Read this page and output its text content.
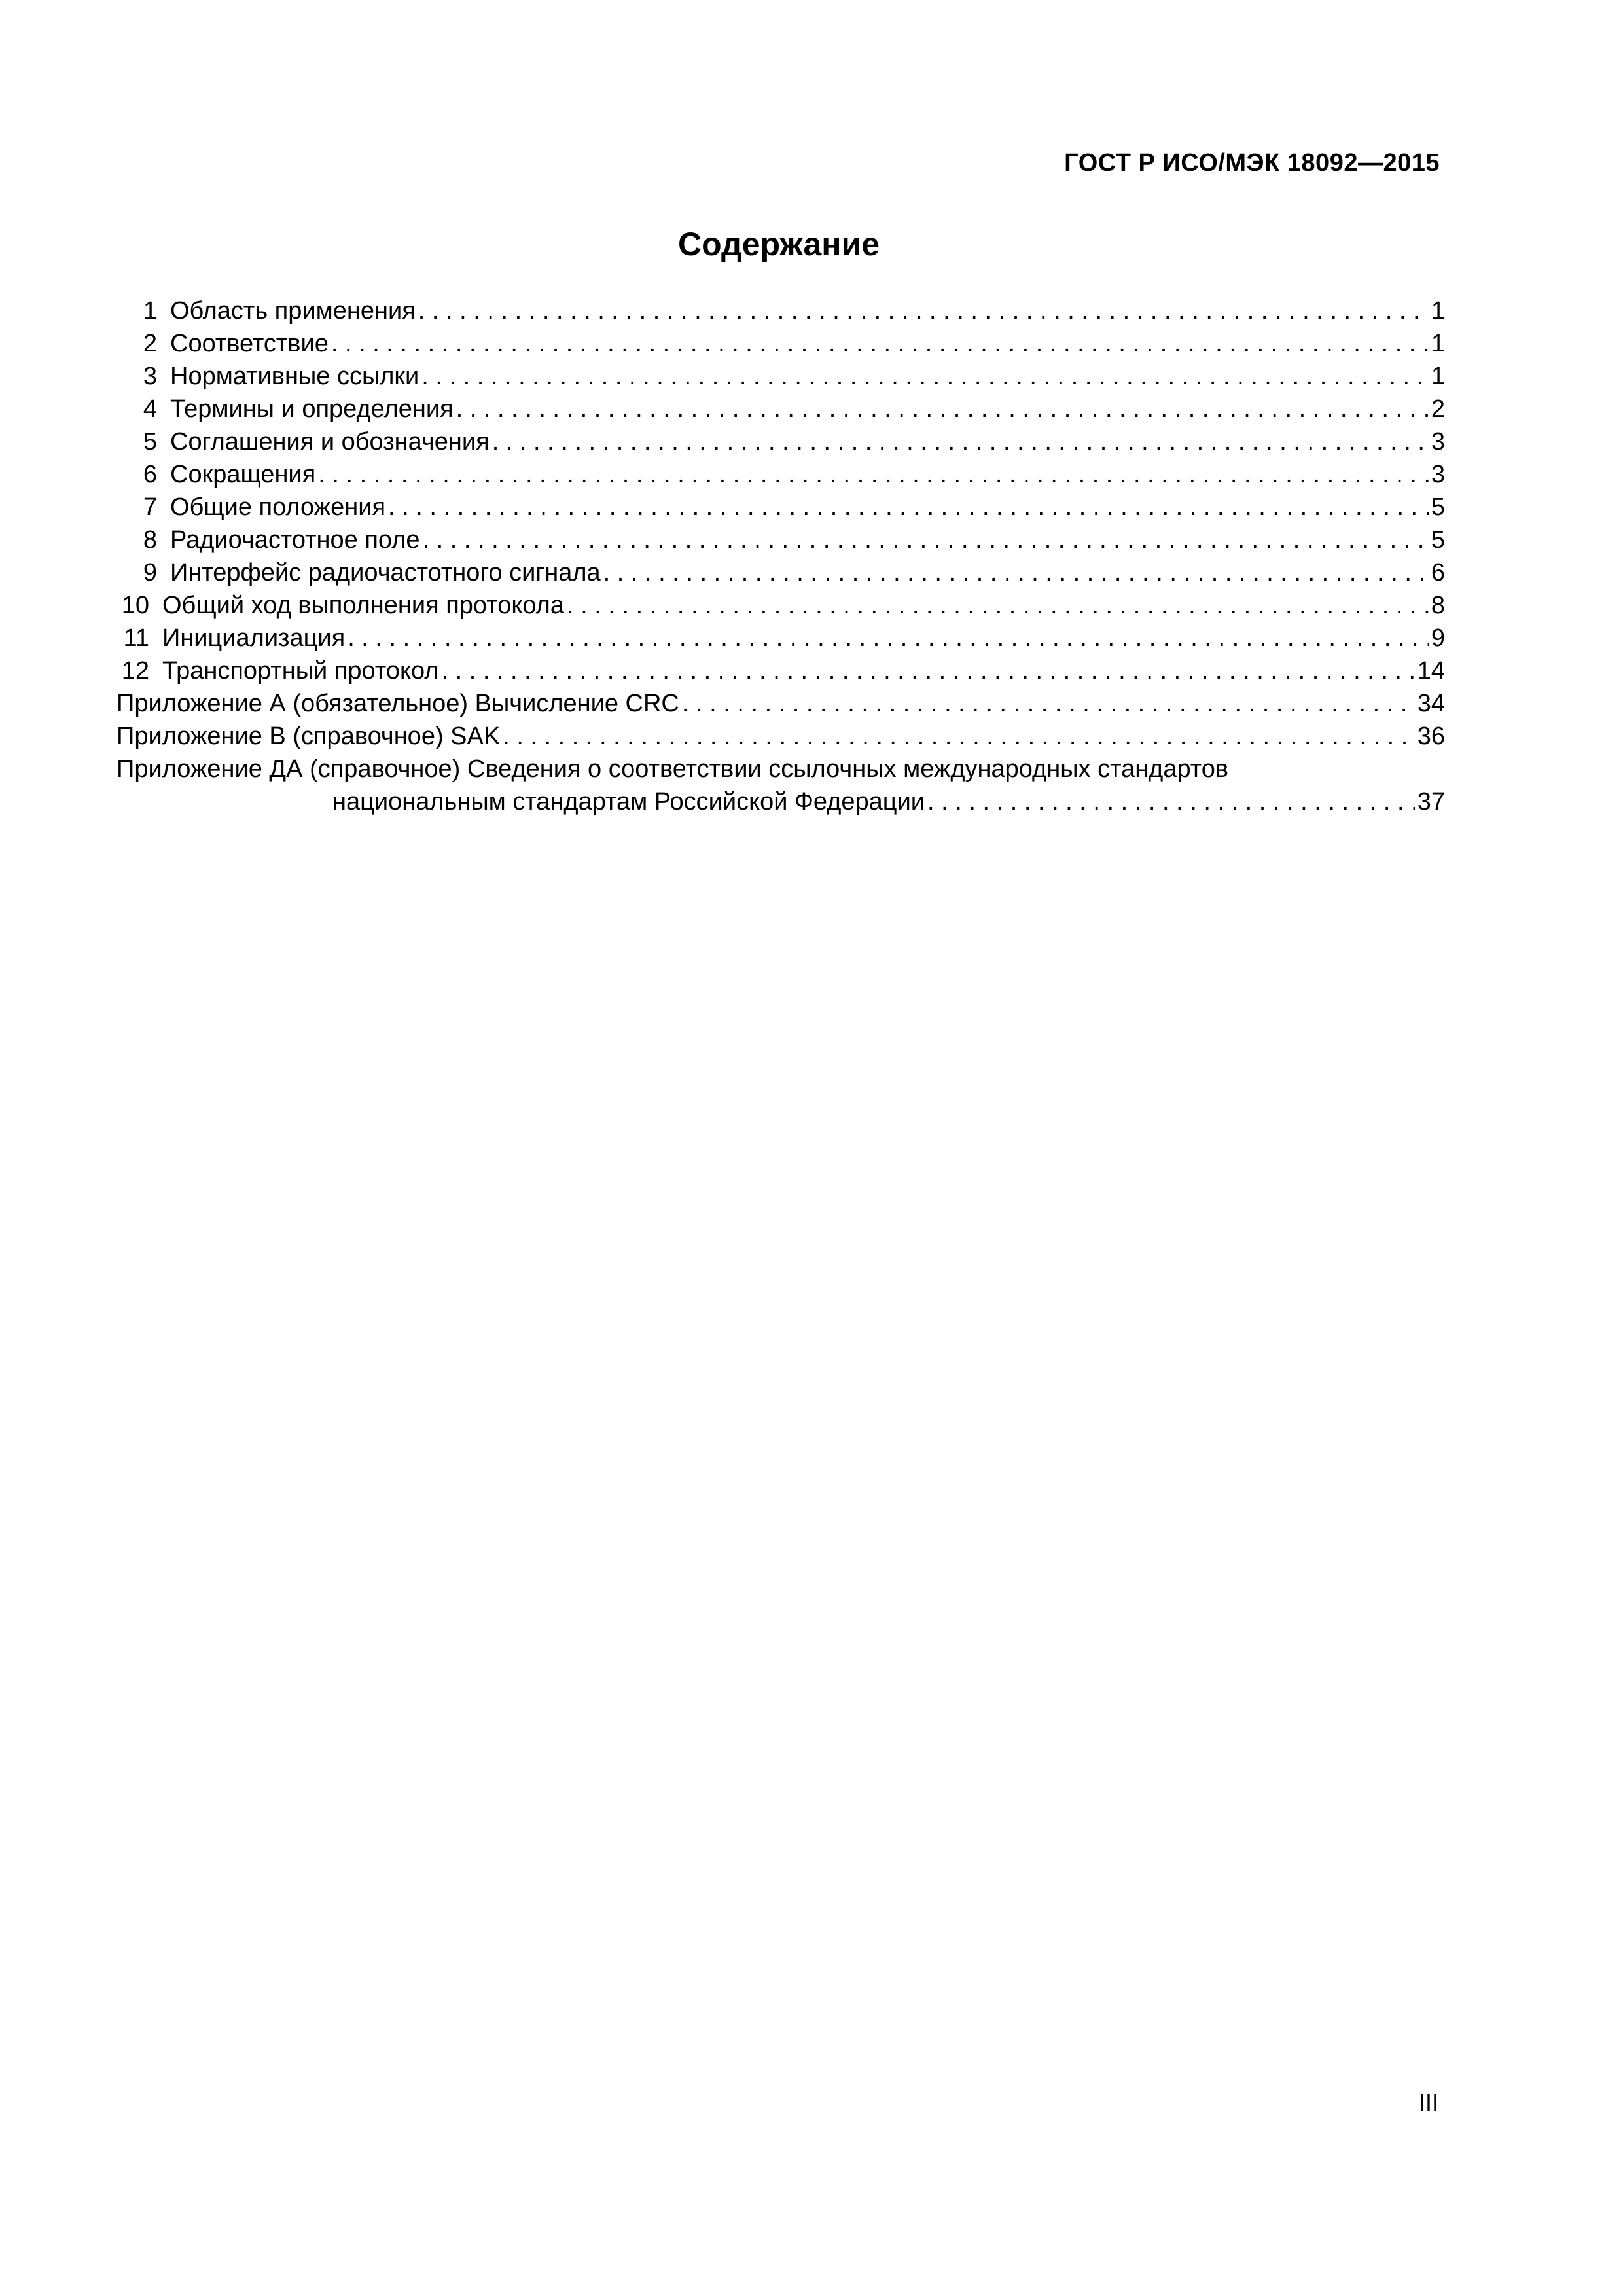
ГОСТ Р ИСО/МЭК 18092—2015
Содержание
1 Область применения . . .	1
2 Соответствие . . .	1
3 Нормативные ссылки . . .	1
4 Термины и определения . . .	2
5 Соглашения и обозначения . . .	3
6 Сокращения . . .	3
7 Общие положения . . .	5
8 Радиочастотное поле . . .	5
9 Интерфейс радиочастотного сигнала . . .	6
10 Общий ход выполнения протокола . . .	8
11 Инициализация . . .	9
12 Транспортный протокол . . .	14
Приложение А (обязательное) Вычисление CRC . . .	34
Приложение В (справочное) SAK . . .	36
Приложение ДА (справочное) Сведения о соответствии ссылочных международных стандартов
национальным стандартам Российской Федерации . . .	37
III
